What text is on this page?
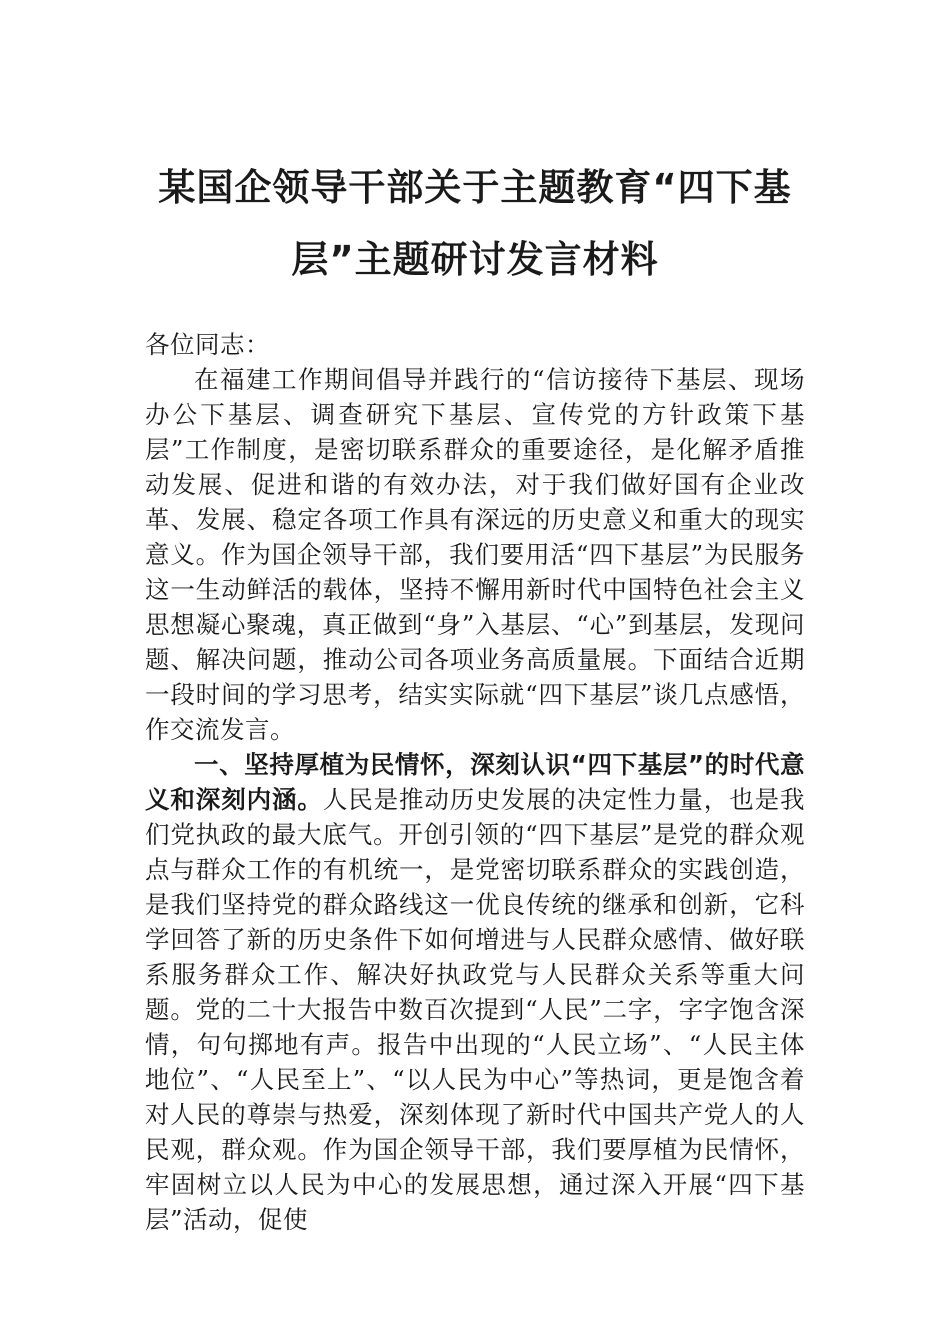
某国企领导干部关于主题教育“四下基
层”主题研讨发言材料

各位同志：

在福建工作期间倡导并践行的“信访接待下基层、现场办公下基层、调查研究下基层、宣传党的方针政策下基层”工作制度，是密切联系群众的重要途径，是化解矛盾推动发展、促进和谐的有效办法，对于我们做好国有企业改革、发展、稳定各项工作具有深远的历史意义和重大的现实意义。作为国企领导干部，我们要用活“四下基层”为民服务这一生动鲜活的载体，坚持不懈用新时代中国特色社会主义思想凝心聚魂，真正做到“身”入基层、“心”到基层，发现问题、解决问题，推动公司各项业务高质量展。下面结合近期一段时间的学习思考，结实实际就“四下基层”谈几点感悟，作交流发言。

一、坚持厚植为民情怀，深刻认识“四下基层”的时代意义和深刻内涵。人民是推动历史发展的决定性力量，也是我们党执政的最大底气。开创引领的“四下基层”是党的群众观点与群众工作的有机统一，是党密切联系群众的实践创造，是我们坚持党的群众路线这一优良传统的继承和创新，它科学回答了新的历史条件下如何增进与人民群众感情、做好联系服务群众工作、解决好执政党与人民群众关系等重大问题。党的二十大报告中数百次提到“人民”二字，字字饱含深情，句句掷地有声。报告中出现的“人民立场”、“人民主体地位”、“人民至上”、“以人民为中心”等热词，更是饱含着对人民的尊崇与热爱，深刻体现了新时代中国共产党人的人民观，群众观。作为国企领导干部，我们要厚植为民情怀，牢固树立以人民为中心的发展思想，通过深入开展“四下基层”活动，促使
